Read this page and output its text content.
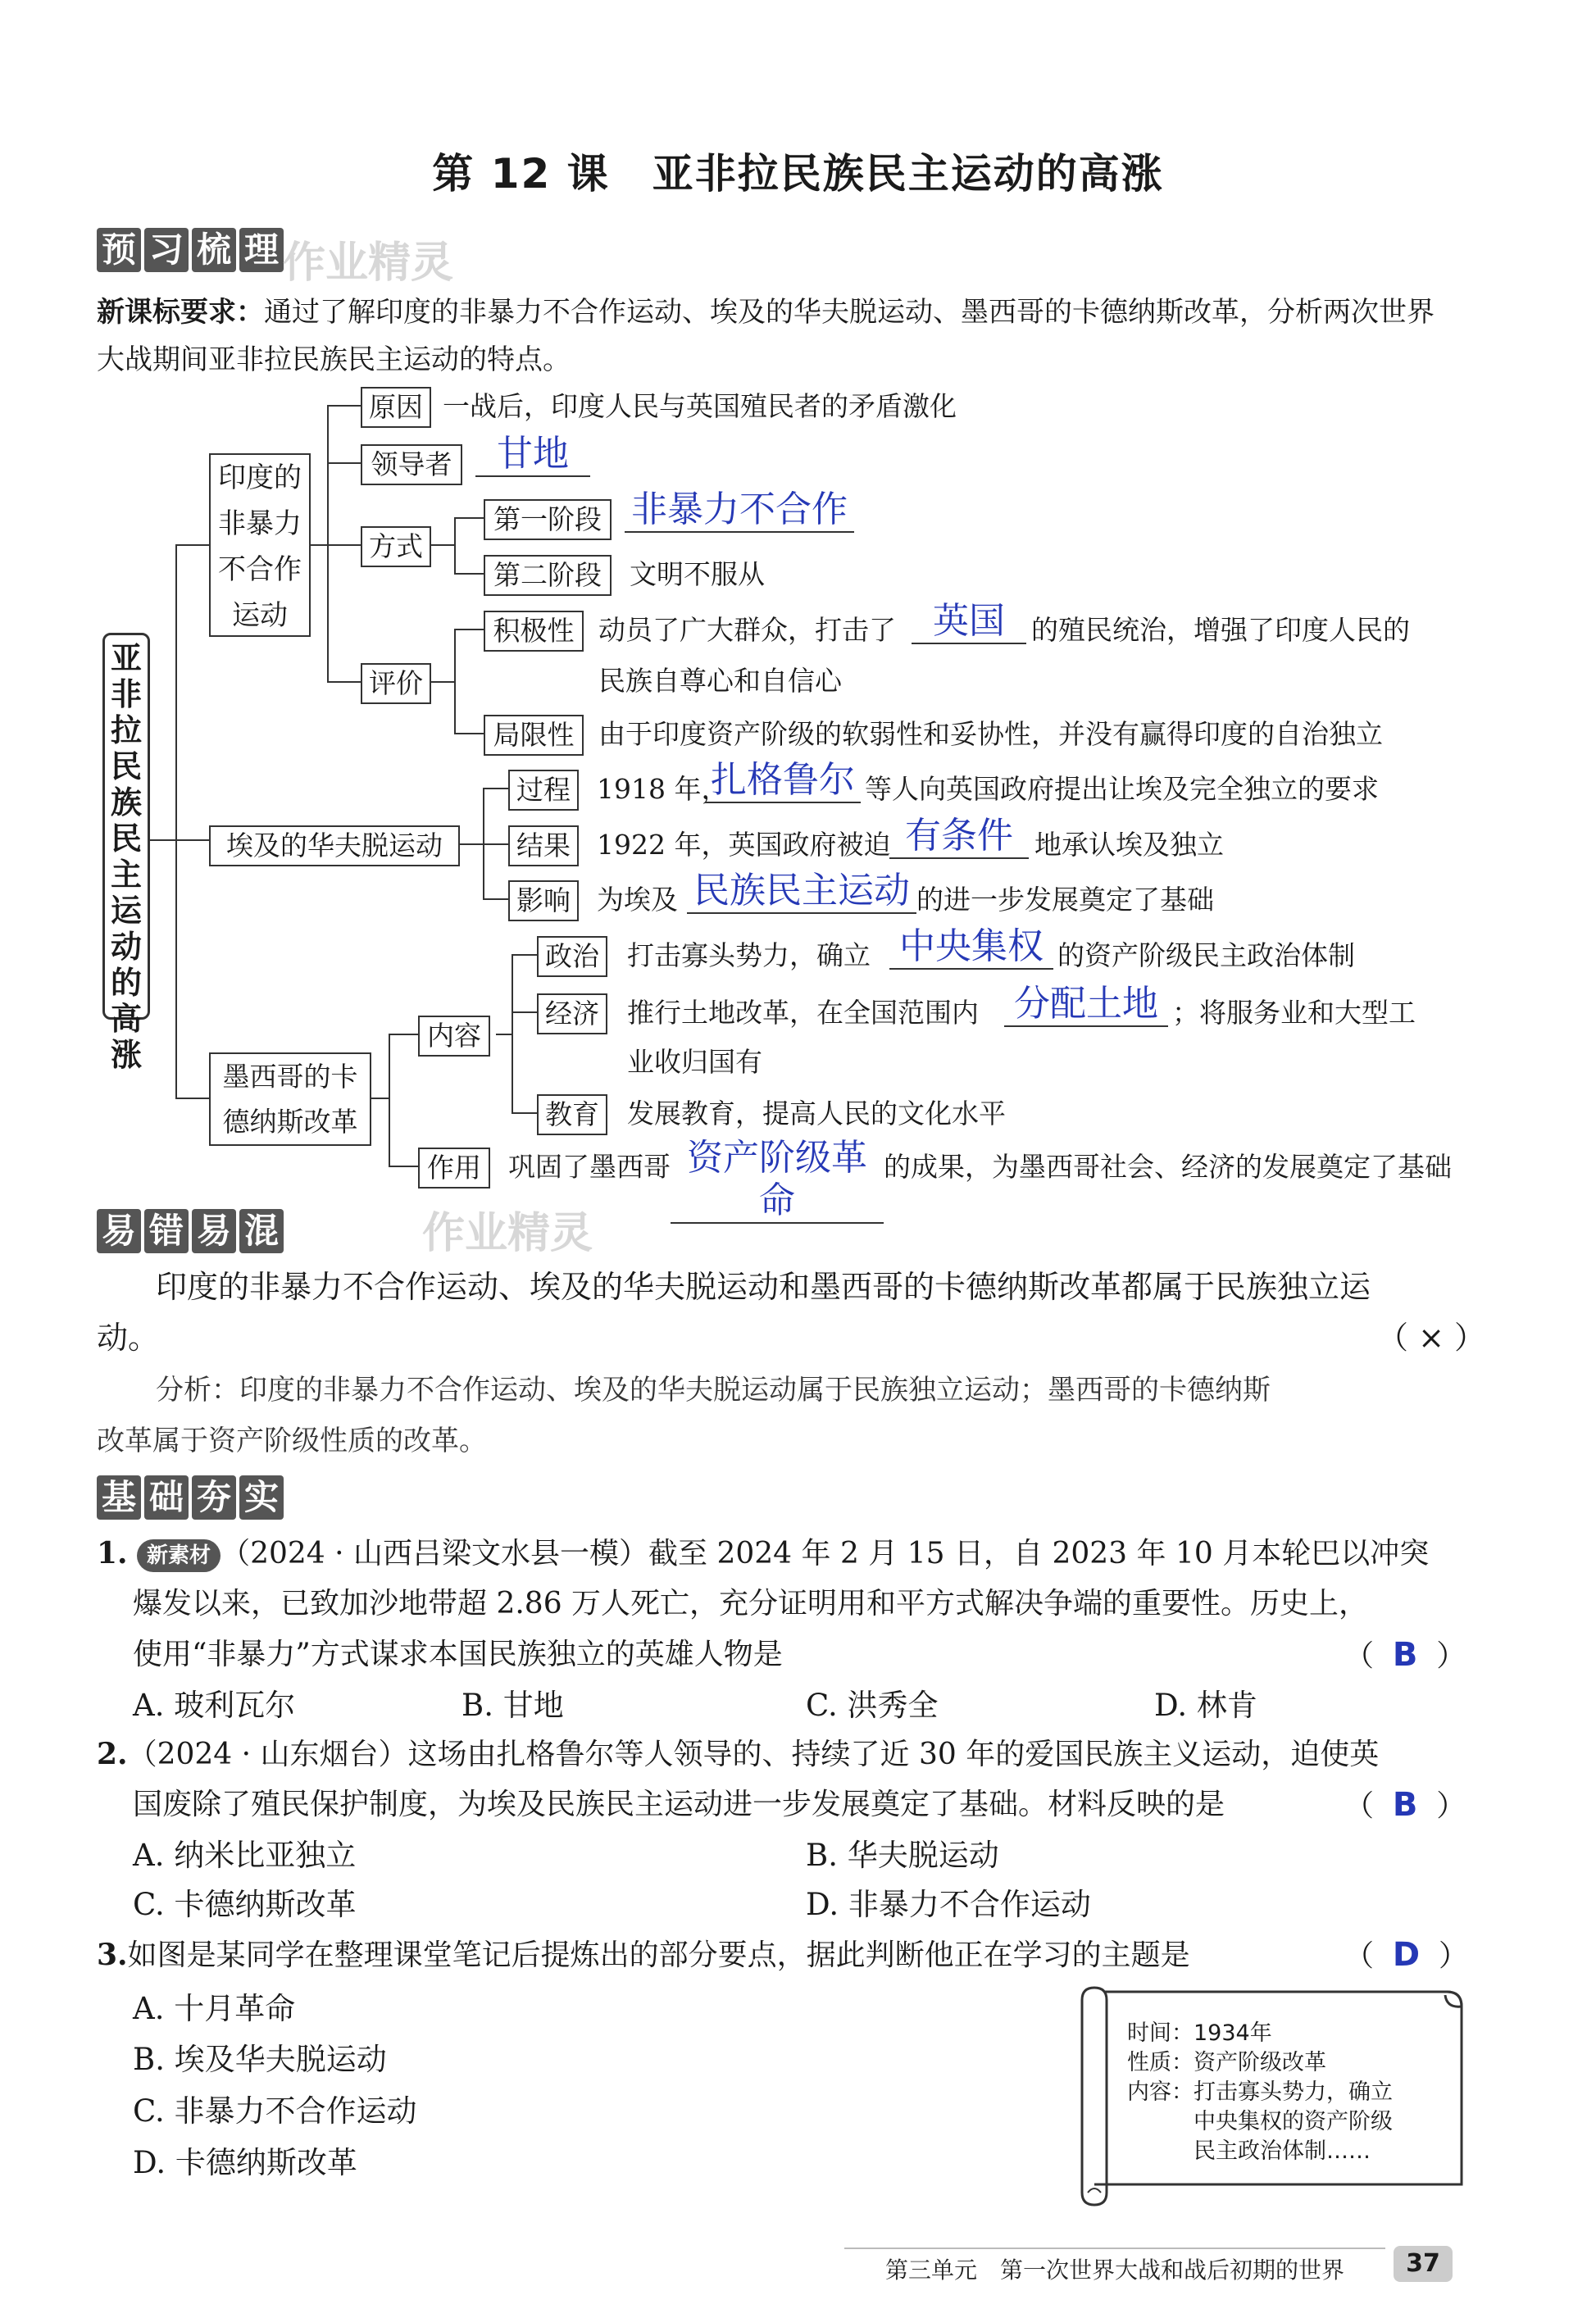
第 12 课　亚非拉民族民主运动的高涨
预 习 梳 理 作业精灵
新课标要求：通过了解印度的非暴力不合作运动、埃及的华夫脱运动、墨西哥的卡德纳斯改革，分析两次世界
大战期间亚非拉民族民主运动的特点。
亚非拉民族民主运动的高涨
印度的非暴力不合作运动
原因 一战后，印度人民与英国殖民者的矛盾激化
领导者	甘地
方式
第一阶段 非暴力不合作
第二阶段	文明不服从
评价
积极性 动员了广大群众，打击了	英国 的殖民统治，增强了印度人民的
民族自尊心和自信心
局限性 由于印度资产阶级的软弱性和妥协性，并没有赢得印度的自治独立
埃及的华夫脱运动
过程 1918 年，
扎格鲁尔 等人向英国政府提出让埃及完全独立的要求
结果 1922 年，英国政府被迫 有条件 地承认埃及独立
影响 为埃及 民族民主运动 的进一步发展奠定了基础
墨西哥的卡德纳斯改革
内容
政治	打击寡头势力，确立 中央集权 的资产阶级民主政治体制
经济	推行土地改革，在全国范围内 分配土地 ；将服务业和大型工
业收归国有
教育	发展教育，提高人民的文化水平
作用	巩固了墨西哥 资产阶级革命
的成果，为墨西哥社会、经济的发展奠定了基础
易 错 易 混	作业精灵
印度的非暴力不合作运动、埃及的华夫脱运动和墨西哥的卡德纳斯改革都属于民族独立运
动。	（ × ）
分析：印度的非暴力不合作运动、埃及的华夫脱运动属于民族独立运动；墨西哥的卡德纳斯
改革属于资产阶级性质的改革。
基 础 夯 实
1. 新素材 （2024 · 山西吕梁文水县一模）截至 2024 年 2 月 15 日，自 2023 年 10 月本轮巴以冲突
爆发以来，已致加沙地带超 2.86 万人死亡，充分证明用和平方式解决争端的重要性。历史上，
使用“非暴力”方式谋求本国民族独立的英雄人物是	（  B  ）
A. 玻利瓦尔	B. 甘地	C. 洪秀全	D. 林肯
2.（2024 · 山东烟台）这场由扎格鲁尔等人领导的、持续了近 30 年的爱国民族主义运动，迫使英
国废除了殖民保护制度，为埃及民族民主运动进一步发展奠定了基础。材料反映的是	（  B  ）
A. 纳米比亚独立	B. 华夫脱运动
C. 卡德纳斯改革	D. 非暴力不合作运动
3.如图是某同学在整理课堂笔记后提炼出的部分要点，据此判断他正在学习的主题是	（  D  ）
A. 十月革命
B. 埃及华夫脱运动
C. 非暴力不合作运动
D. 卡德纳斯改革
时间：1934年
性质：资产阶级改革
内容：打击寡头势力，确立
中央集权的资产阶级
民主政治体制……
第三单元　第一次世界大战和战后初期的世界	37
